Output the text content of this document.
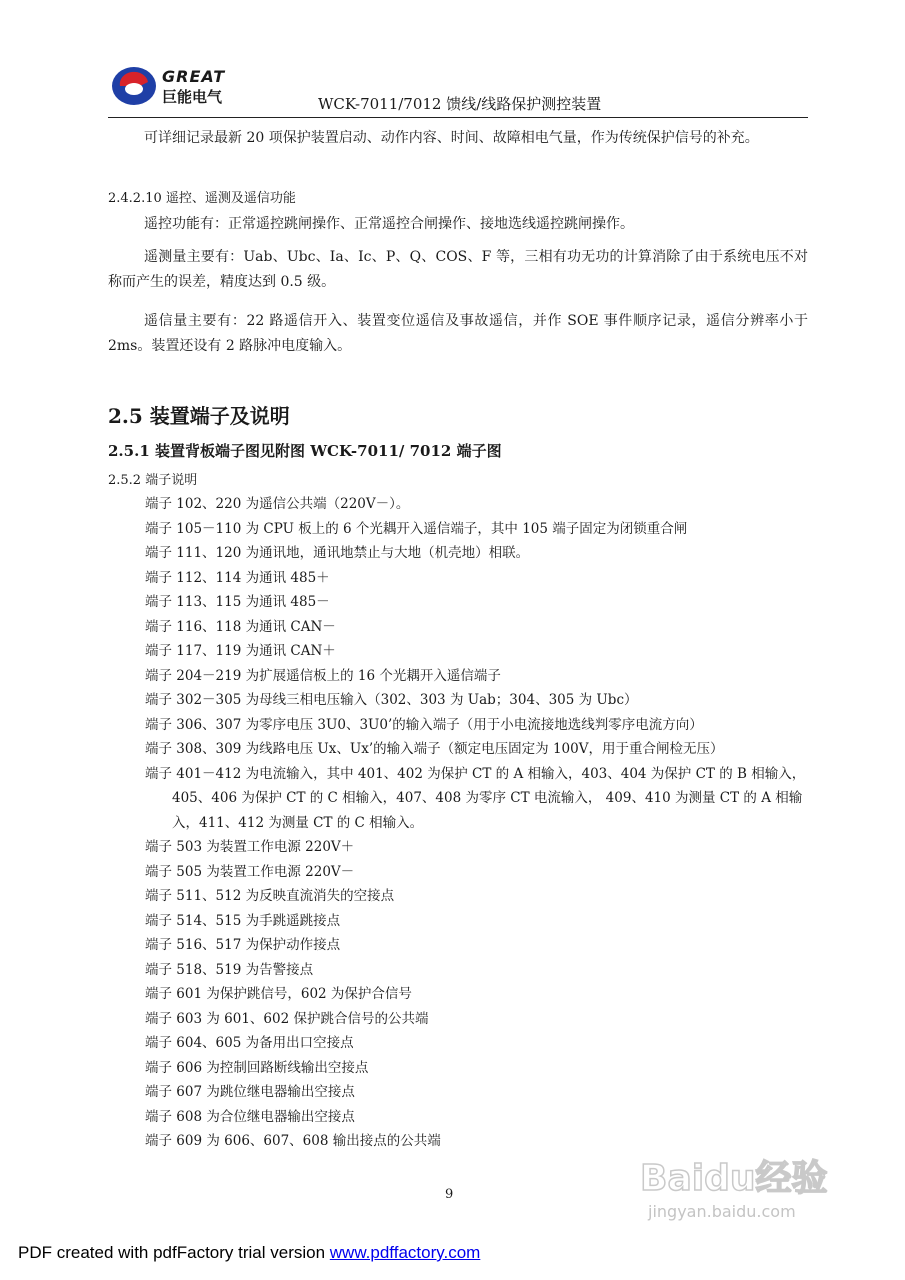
GREAT
巨能电气	WCK-7011/7012 馈线/线路保护测控装置

可详细记录最新 20 项保护装置启动、动作内容、时间、故障相电气量，作为传统保护信号的补充。

2.4.2.10 遥控、遥测及遥信功能

遥控功能有：正常遥控跳闸操作、正常遥控合闸操作、接地选线遥控跳闸操作。

遥测量主要有：Uab、Ubc、Ia、Ic、P、Q、COS、F 等，三相有功无功的计算消除了由于系统电压不对称而产生的误差，精度达到 0.5 级。

遥信量主要有：22 路遥信开入、装置变位遥信及事故遥信，并作 SOE 事件顺序记录，遥信分辨率小于 2ms。装置还设有 2 路脉冲电度输入。

2.5 装置端子及说明
2.5.1 装置背板端子图见附图 WCK-7011/ 7012 端子图

2.5.2 端子说明

端子 102、220 为遥信公共端（220V－）。
端子 105－110 为 CPU 板上的 6 个光耦开入遥信端子，其中 105 端子固定为闭锁重合闸
端子 111、120 为通讯地，通讯地禁止与大地（机壳地）相联。
端子 112、114 为通讯 485＋
端子 113、115 为通讯 485－
端子 116、118 为通讯 CAN－
端子 117、119 为通讯 CAN＋
端子 204－219 为扩展遥信板上的 16 个光耦开入遥信端子
端子 302－305 为母线三相电压输入（302、303 为 Uab；304、305 为 Ubc）
端子 306、307 为零序电压 3U0、3U0’的输入端子（用于小电流接地选线判零序电流方向）
端子 308、309 为线路电压 Ux、Ux’的输入端子（额定电压固定为 100V，用于重合闸检无压）
端子 401－412 为电流输入，其中 401、402 为保护 CT 的 A 相输入，403、404 为保护 CT 的 B 相输入，405、406 为保护 CT 的 C 相输入，407、408 为零序 CT 电流输入， 409、410 为测量 CT 的 A 相输入，411、412 为测量 CT 的 C 相输入。
端子 503 为装置工作电源 220V＋
端子 505 为装置工作电源 220V－
端子 511、512 为反映直流消失的空接点
端子 514、515 为手跳遥跳接点
端子 516、517 为保护动作接点
端子 518、519 为告警接点
端子 601 为保护跳信号，602 为保护合信号
端子 603 为 601、602 保护跳合信号的公共端
端子 604、605 为备用出口空接点
端子 606 为控制回路断线输出空接点
端子 607 为跳位继电器输出空接点
端子 608 为合位继电器输出空接点
端子 609 为 606、607、608 输出接点的公共端
9	Baidu经验
jingyan.baidu.com
PDF created with pdfFactory trial version www.pdffactory.com
